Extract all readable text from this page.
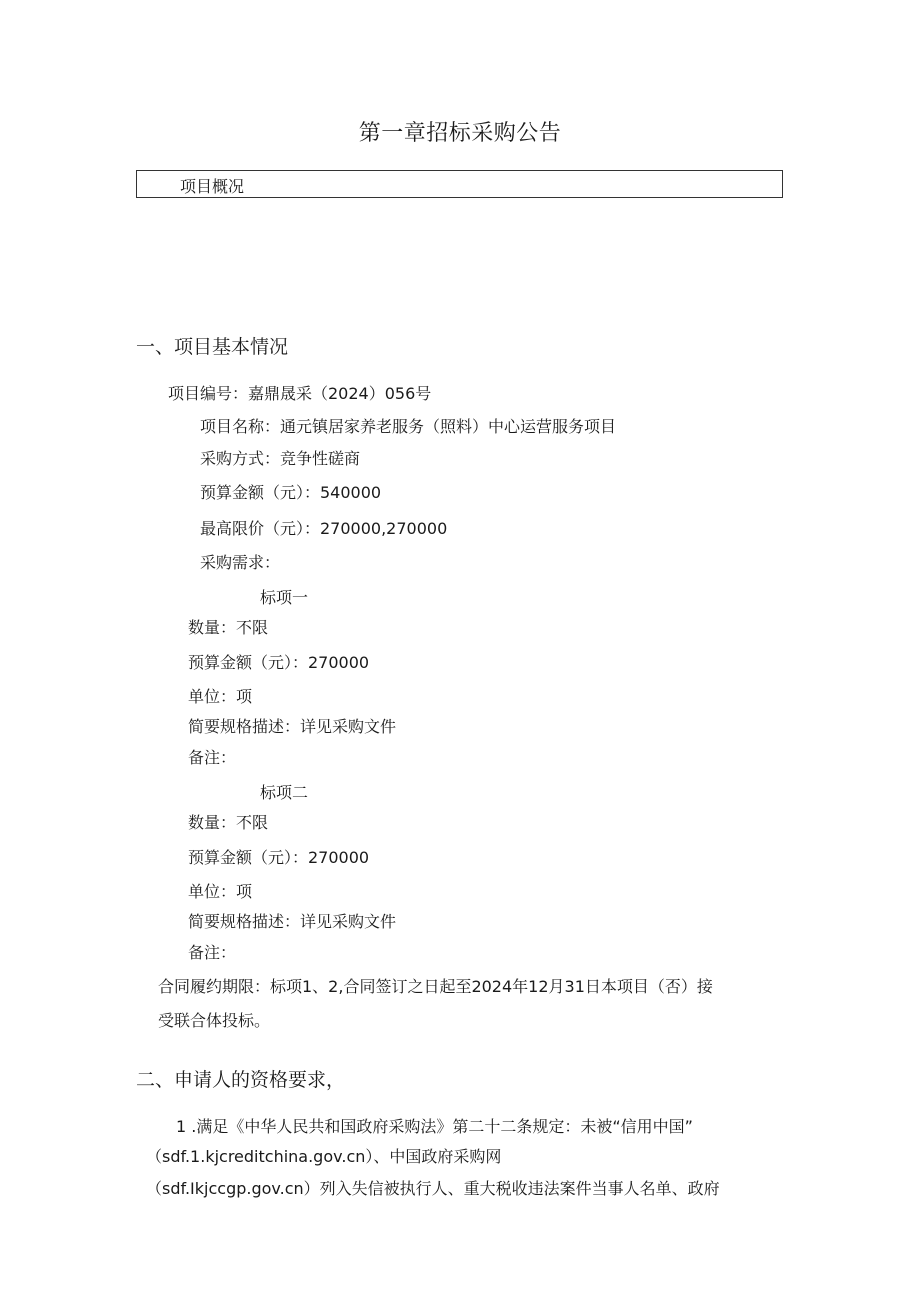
第一章招标采购公告
项目概况
一、项目基本情况
项目编号：嘉鼎晟采（2024）056号
项目名称：通元镇居家养老服务（照料）中心运营服务项目
采购方式：竞争性磋商
预算金额（元）：540000
最高限价（元）：270000,270000
采购需求：
标项一
数量：不限
预算金额（元）：270000
单位：项
简要规格描述：详见采购文件
备注：
标项二
数量：不限
预算金额（元）：270000
单位：项
简要规格描述：详见采购文件
备注：
合同履约期限：标项1、2,合同签订之日起至2024年12月31日本项目（否）接
受联合体投标。
二、申请人的资格要求，
1 .满足《中华人民共和国政府采购法》第二十二条规定：未被“信用中国”
（sdf.1.kjcreditchina.gov.cn）、中国政府采购网
（sdf.Ikjccgp.gov.cn）列入失信被执行人、重大税收违法案件当事人名单、政府
